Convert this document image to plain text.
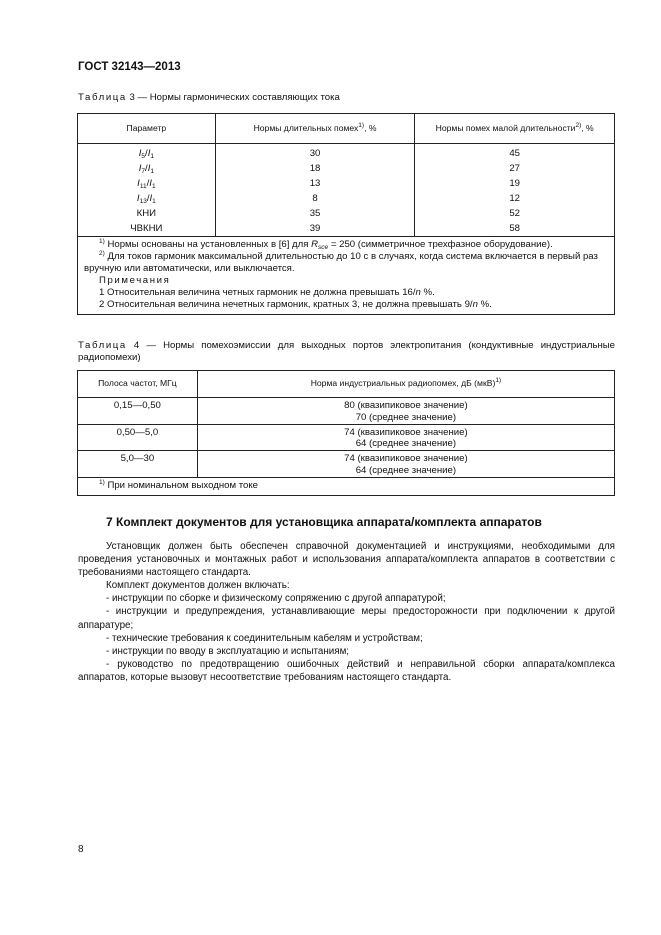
ГОСТ 32143—2013
Таблица 3 — Нормы гармонических составляющих тока
Параметр	Нормы длительных помех$^{1)}$, %	Нормы помех малой длительности$^{2)}$, %
$I_5/I_1$	30	45
$I_7/I_1$	18	27
$I_{11}/I_1$	13	19
$I_{13}/I_1$	8	12
КНИ	35	52
ЧВКНИ	39	58

$^{1)}$ Нормы основаны на установленных в [6] для $R_{sce} = 250$ (симметричное трехфазное оборудование).
$^{2)}$ Для токов гармоник максимальной длительностью до 10 с в случаях, когда система включается в первый раз вручную или автоматически, или выключается.
Примечания
1 Относительная величина четных гармоник не должна превышать 16/n %.
2 Относительная величина нечетных гармоник, кратных 3, не должна превышать 9/n %.		
Таблица 4 — Нормы помехоэмиссии для выходных портов электропитания (кондуктивные индустриальные радиопомехи)
Полоса частот, МГц	Норма индустриальных радиопомех, дБ (мкВ)$^{1)}$
0,15—0,50	80 (квазипиковое значение)
70 (среднее значение)

0,50—5,0	74 (квазипиковое значение)
64 (среднее значение)

5,0—30	74 (квазипиковое значение)
64 (среднее значение)

$^{1)}$ При номинальном выходном токе	
7 Комплект документов для установщика аппарата/комплекта аппаратов

Установщик должен быть обеспечен справочной документацией и инструкциями, необходимыми для проведения установочных и монтажных работ и использования аппарата/комплекта аппаратов в соответствии с требованиями настоящего стандарта.

Комплект документов должен включать:

- инструкции по сборке и физическому сопряжению с другой аппаратурой;

- инструкции и предупреждения, устанавливающие меры предосторожности при подключении к другой аппаратуре;

- технические требования к соединительным кабелям и устройствам;

- инструкции по вводу в эксплуатацию и испытаниям;

- руководство по предотвращению ошибочных действий и неправильной сборки аппарата/комплекса аппаратов, которые вызовут несоответствие требованиям настоящего стандарта.

8
